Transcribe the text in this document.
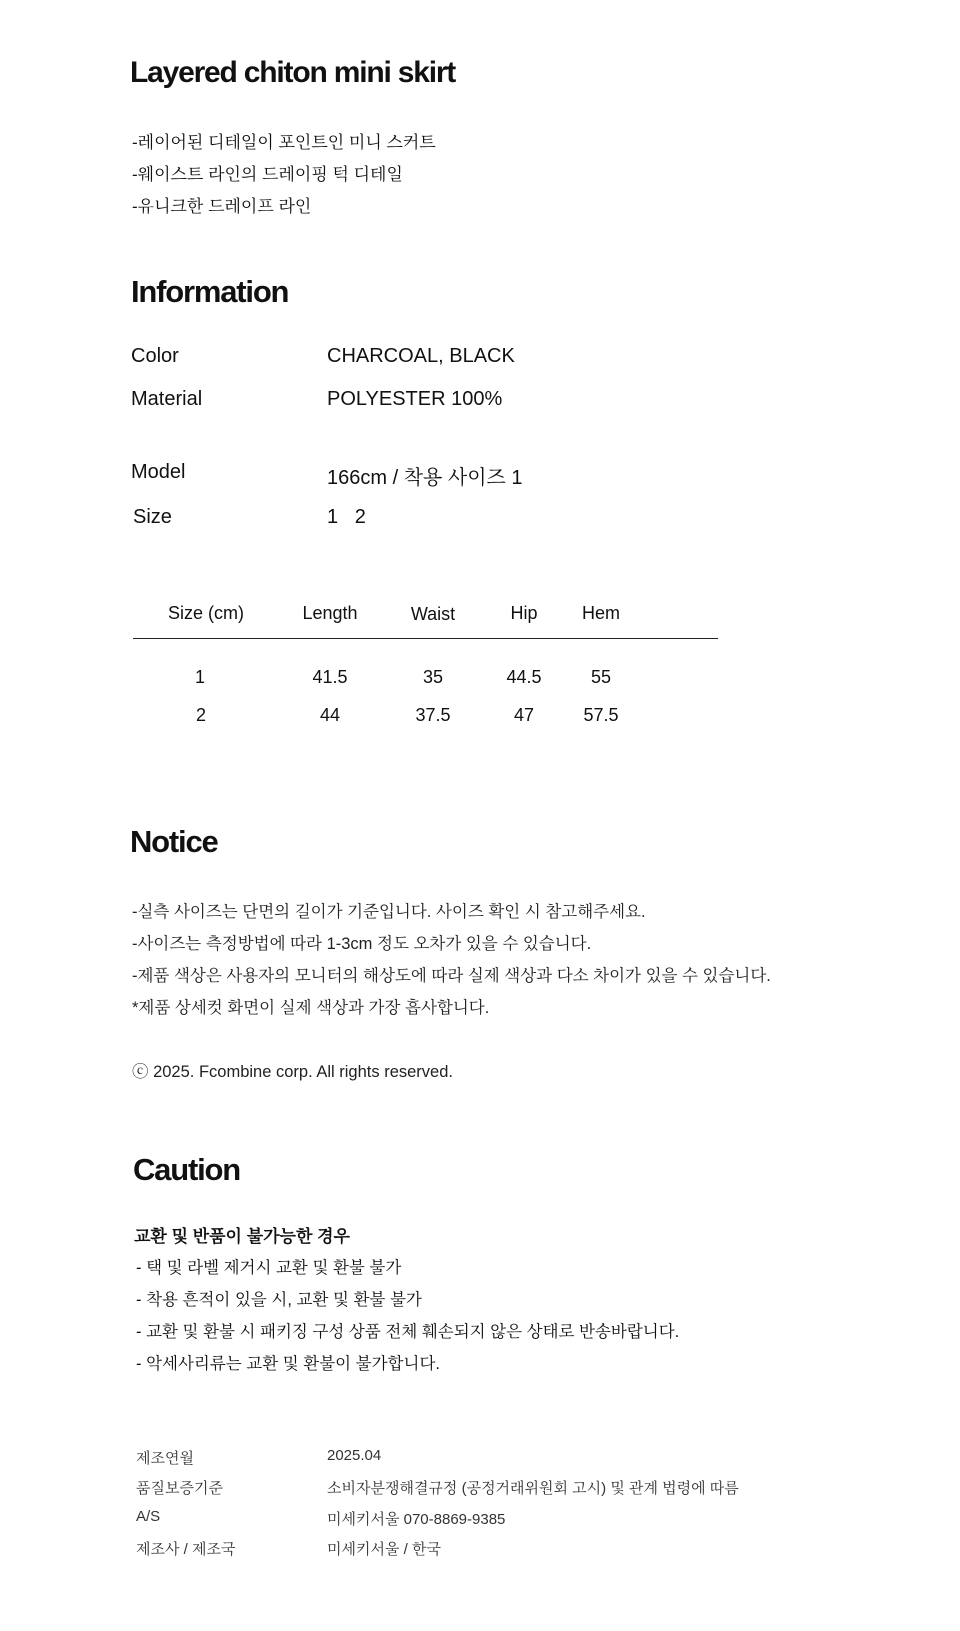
Layered chiton mini skirt
-레이어된 디테일이 포인트인 미니 스커트
-웨이스트 라인의 드레이핑 턱 디테일
-유니크한 드레이프 라인
Information
Color	CHARCOAL, BLACK
Material	POLYESTER 100%
Model	166cm / 착용 사이즈 1
Size	1   2
Size (cm)	Length	Waist	Hip	Hem
1	41.5	35	44.5	55
2	44	37.5	47	57.5
Notice
-실측 사이즈는 단면의 길이가 기준입니다. 사이즈 확인 시 참고해주세요.
-사이즈는 측정방법에 따라 1-3cm 정도 오차가 있을 수 있습니다.
-제품 색상은 사용자의 모니터의 해상도에 따라 실제 색상과 다소 차이가 있을 수 있습니다.
*제품 상세컷 화면이 실제 색상과 가장 흡사합니다.
ⓒ 2025. Fcombine corp. All rights reserved.
Caution
교환 및 반품이 불가능한 경우
- 택 및 라벨 제거시 교환 및 환불 불가
- 착용 흔적이 있을 시, 교환 및 환불 불가
- 교환 및 환불 시 패키징 구성 상품 전체 훼손되지 않은 상태로 반송바랍니다.
- 악세사리류는 교환 및 환불이 불가합니다.
제조연월	2025.04
품질보증기준	소비자분쟁해결규정 (공정거래위원회 고시) 및 관계 법령에 따름
A/S	미세키서울 070-8869-9385
제조사 / 제조국	미세키서울 / 한국
